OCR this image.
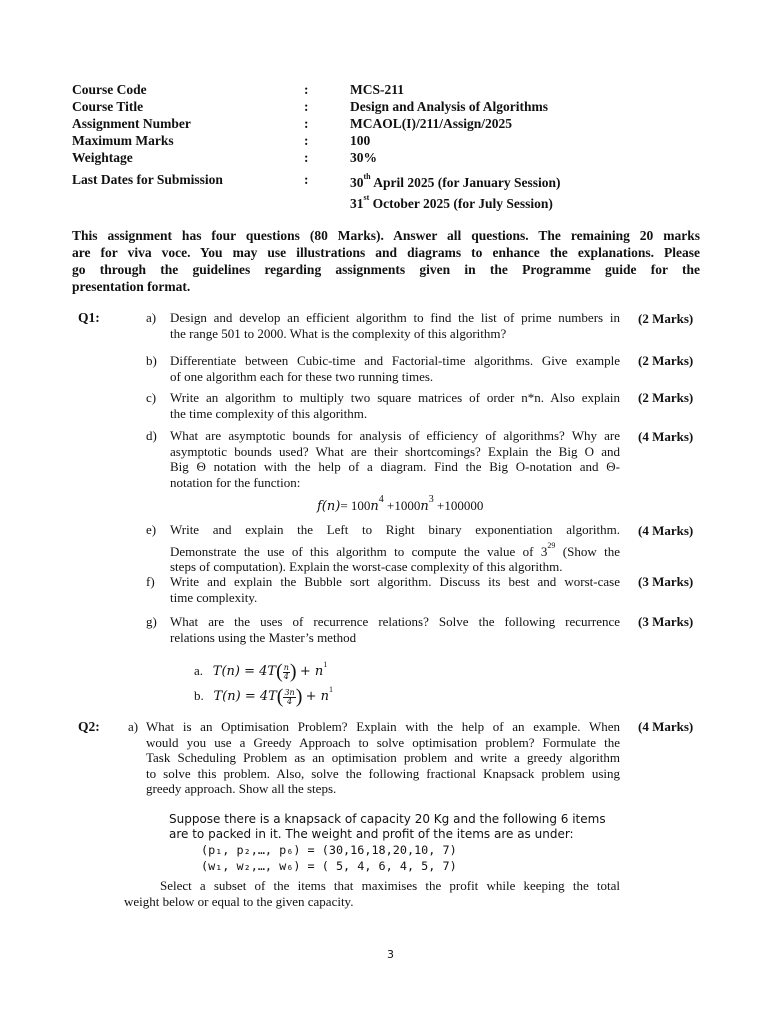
Course Code	:	MCS-211
Course Title	:	Design and Analysis of Algorithms
Assignment Number	:	MCAOL(I)/211/Assign/2025
Maximum Marks	:	100
Weightage	:	30%
Last Dates for Submission	:	30th April 2025 (for January Session)
31st October 2025 (for July Session)
This assignment has four questions (80 Marks). Answer all questions. The remaining 20 marks
are for viva voce. You may use illustrations and diagrams to enhance the explanations. Please
go through the guidelines regarding assignments given in the Programme guide for the
presentation format.
Q1:	a) Design and develop an efficient algorithm to find the list of prime numbers in
the range 501 to 2000. What is the complexity of this algorithm?
(2 Marks)
b) Differentiate between Cubic-time and Factorial-time algorithms. Give example
of one algorithm each for these two running times.
(2 Marks)
c) Write an algorithm to multiply two square matrices of order n*n. Also explain
the time complexity of this algorithm.
(2 Marks)
d) What are asymptotic bounds for analysis of efficiency of algorithms? Why are
asymptotic bounds used? What are their shortcomings? Explain the Big O and
Big Θ notation with the help of a diagram. Find the Big O-notation and Θ-
notation for the function:
(4 Marks)
$f(n)= 100n^4 +1000n^3 +100000$
e) Write and explain the Left to Right binary exponentiation algorithm.
Demonstrate the use of this algorithm to compute the value of $3^{29}$ (Show the
steps of computation). Explain the worst-case complexity of this algorithm.
(4 Marks)
f) Write and explain the Bubble sort algorithm. Discuss its best and worst-case
time complexity.
(3 Marks)
g) What are the uses of recurrence relations? Solve the following recurrence
relations using the Master’s method
(3 Marks)
a. $T(n) = 4T( \frac{n}{4}$ ) + $n^1$
b. $T(n) = 4T( \frac{3n}{4}$ ) + $n^1$
Q2: a) What is an Optimisation Problem? Explain with the help of an example. When
would you use a Greedy Approach to solve optimisation problem? Formulate the
Task Scheduling Problem as an optimisation problem and write a greedy algorithm
to solve this problem. Also, solve the following fractional Knapsack problem using
greedy approach. Show all the steps.
(4 Marks)
Suppose there is a knapsack of capacity 20 Kg and the following 6 items
are to packed in it. The weight and profit of the items are as under:
(p₁, p₂,…, p₆) = (30,16,18,20,10, 7)
(w₁, w₂,…, w₆) = ( 5, 4, 6, 4, 5, 7)
Select a subset of the items that maximises the profit while keeping the total
weight below or equal to the given capacity.
3
